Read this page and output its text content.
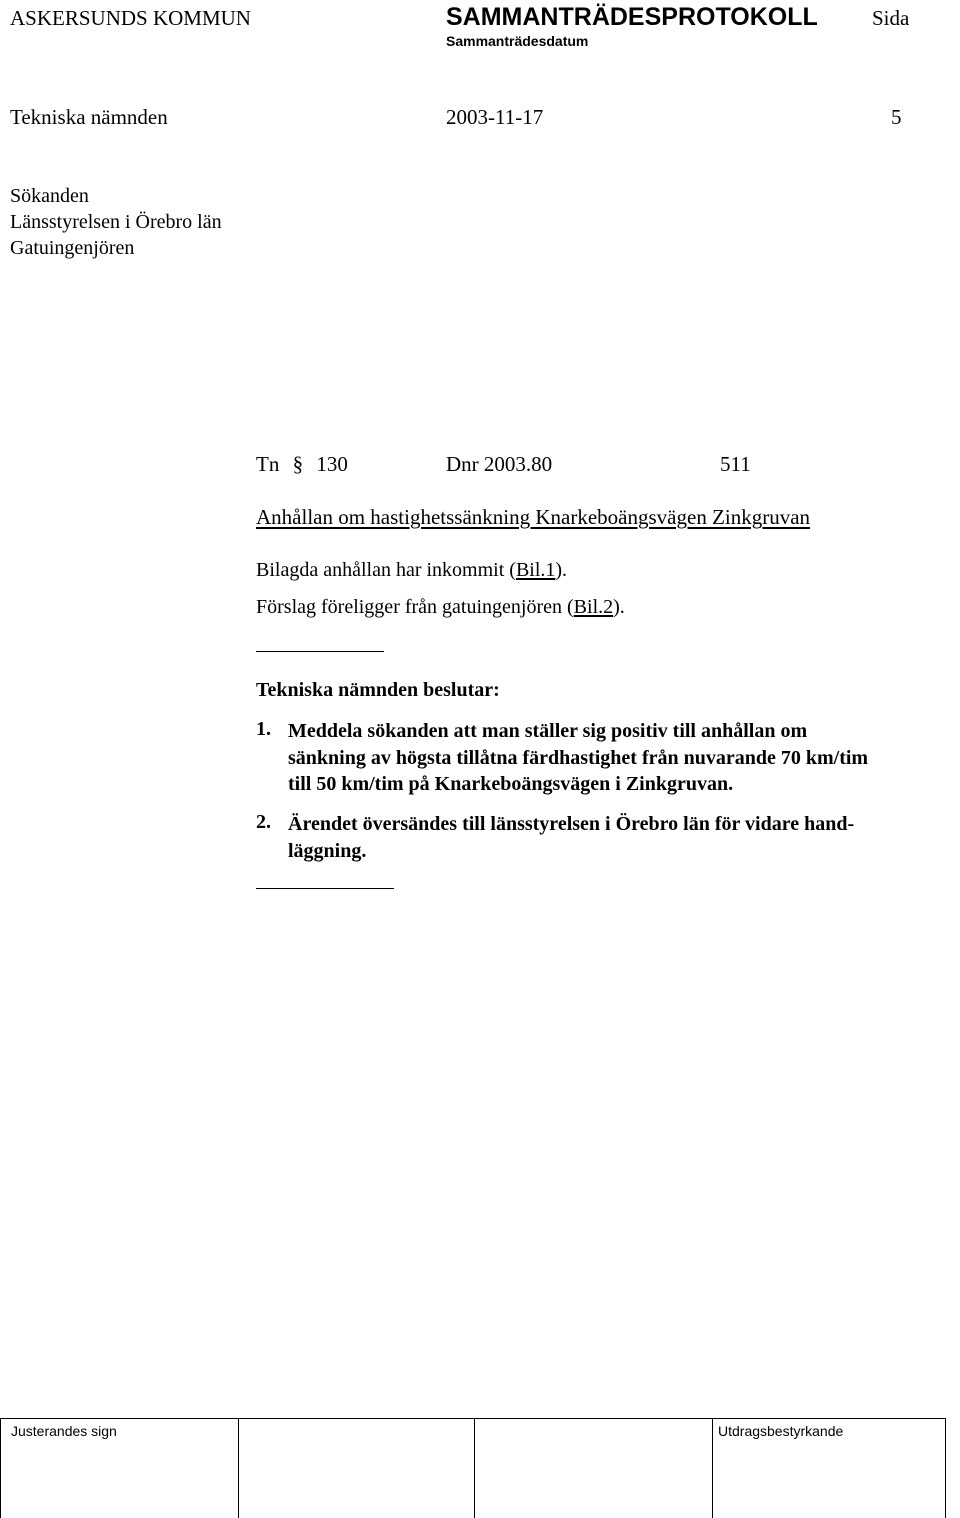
ASKERSUNDS KOMMUN	SAMMANTRÄDESPROTOKOLL	Sida
Sammanträdesdatum
Tekniska nämnden	2003-11-17	5
Sökanden
Länsstyrelsen i Örebro län
Gatuingenjören
Tn § 130	Dnr 2003.80	511
Anhållan om hastighetssänkning Knarkeboängsvägen Zinkgruvan
Bilagda anhållan har inkommit (Bil.1).
Förslag föreligger från gatuingenjören (Bil.2).
Tekniska nämnden beslutar:
1. Meddela sökanden att man ställer sig positiv till anhållan om
sänkning av högsta tillåtna färdhastighet från nuvarande 70 km/tim
till 50 km/tim på Knarkeboängsvägen i Zinkgruvan.
2. Ärendet översändes till länsstyrelsen i Örebro län för vidare hand-
läggning.
Justerandes sign	Utdragsbestyrkande
